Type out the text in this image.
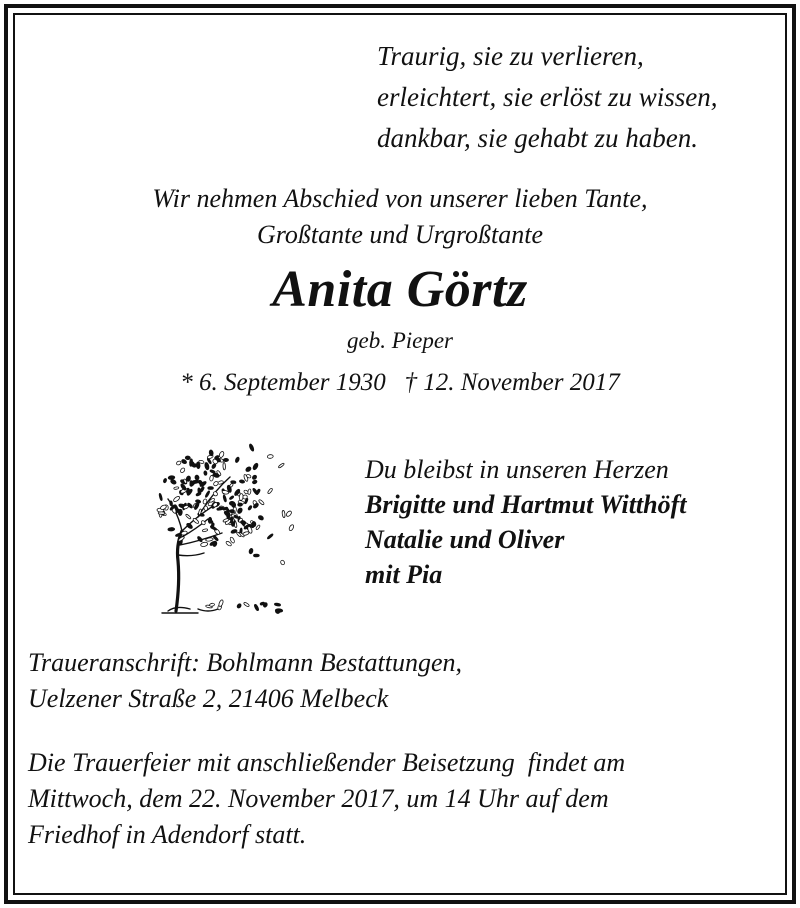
Traurig, sie zu verlieren,
erleichtert, sie erlöst zu wissen,
dankbar, sie gehabt zu haben.
Wir nehmen Abschied von unserer lieben Tante,
Großtante und Urgroßtante
Anita Görtz
geb. Pieper
* 6. September 1930   † 12. November 2017
Du bleibst in unseren Herzen
Brigitte und Hartmut Witthöft
Natalie und Oliver
mit Pia
Traueranschrift: Bohlmann Bestattungen,
Uelzener Straße 2, 21406 Melbeck
Die Trauerfeier mit anschließender Beisetzung  findet am
Mittwoch, dem 22. November 2017, um 14 Uhr auf dem
Friedhof in Adendorf statt.
